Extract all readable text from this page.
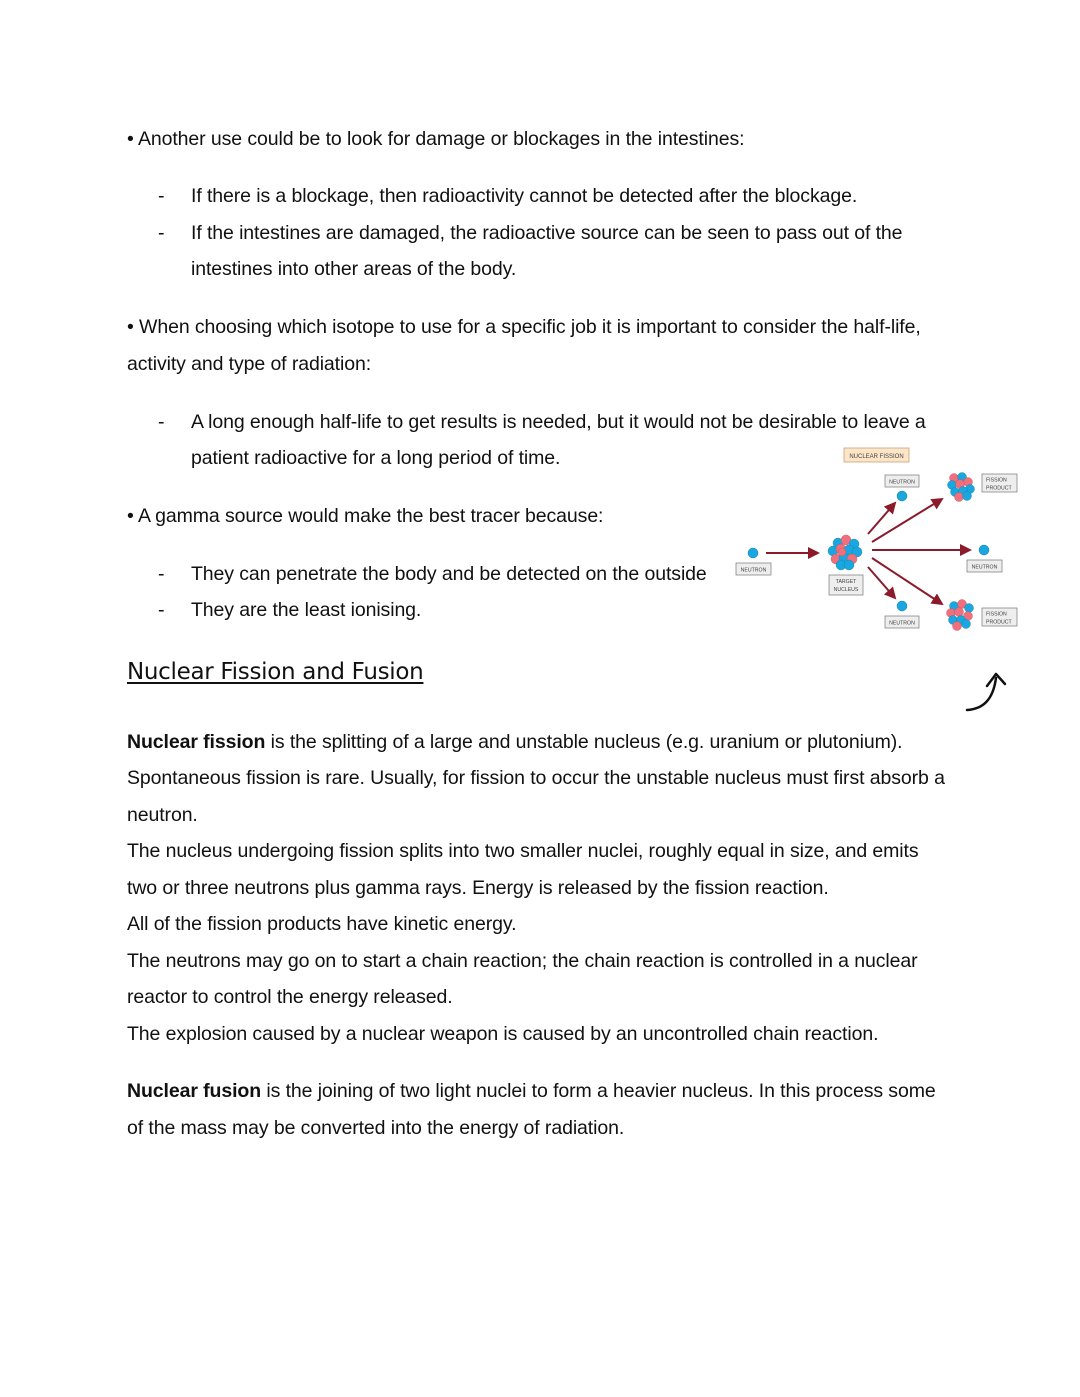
• Another use could be to look for damage or blockages in the intestines:
- If there is a blockage, then radioactivity cannot be detected after the blockage.
- If the intestines are damaged, the radioactive source can be seen to pass out of the
intestines into other areas of the body.
• When choosing which isotope to use for a specific job it is important to consider the half-life,
activity and type of radiation:
- A long enough half-life to get results is needed, but it would not be desirable to leave a
patient radioactive for a long period of time.
• A gamma source would make the best tracer because:
- They can penetrate the body and be detected on the outside
- They are the least ionising.
NUCLEAR FISSION
NEUTRON
TARGET
NUCLEUS
NEUTRON	FISSION
PRODUCT
NEUTRON
NEUTRON
FISSION
PRODUCT
Nuclear Fission and Fusion
Nuclear fission is the splitting of a large and unstable nucleus (e.g. uranium or plutonium).
Spontaneous fission is rare. Usually, for fission to occur the unstable nucleus must first absorb a
neutron.
The nucleus undergoing fission splits into two smaller nuclei, roughly equal in size, and emits
two or three neutrons plus gamma rays. Energy is released by the fission reaction.
All of the fission products have kinetic energy.
The neutrons may go on to start a chain reaction; the chain reaction is controlled in a nuclear
reactor to control the energy released.
The explosion caused by a nuclear weapon is caused by an uncontrolled chain reaction.
Nuclear fusion is the joining of two light nuclei to form a heavier nucleus. In this process some
of the mass may be converted into the energy of radiation.
